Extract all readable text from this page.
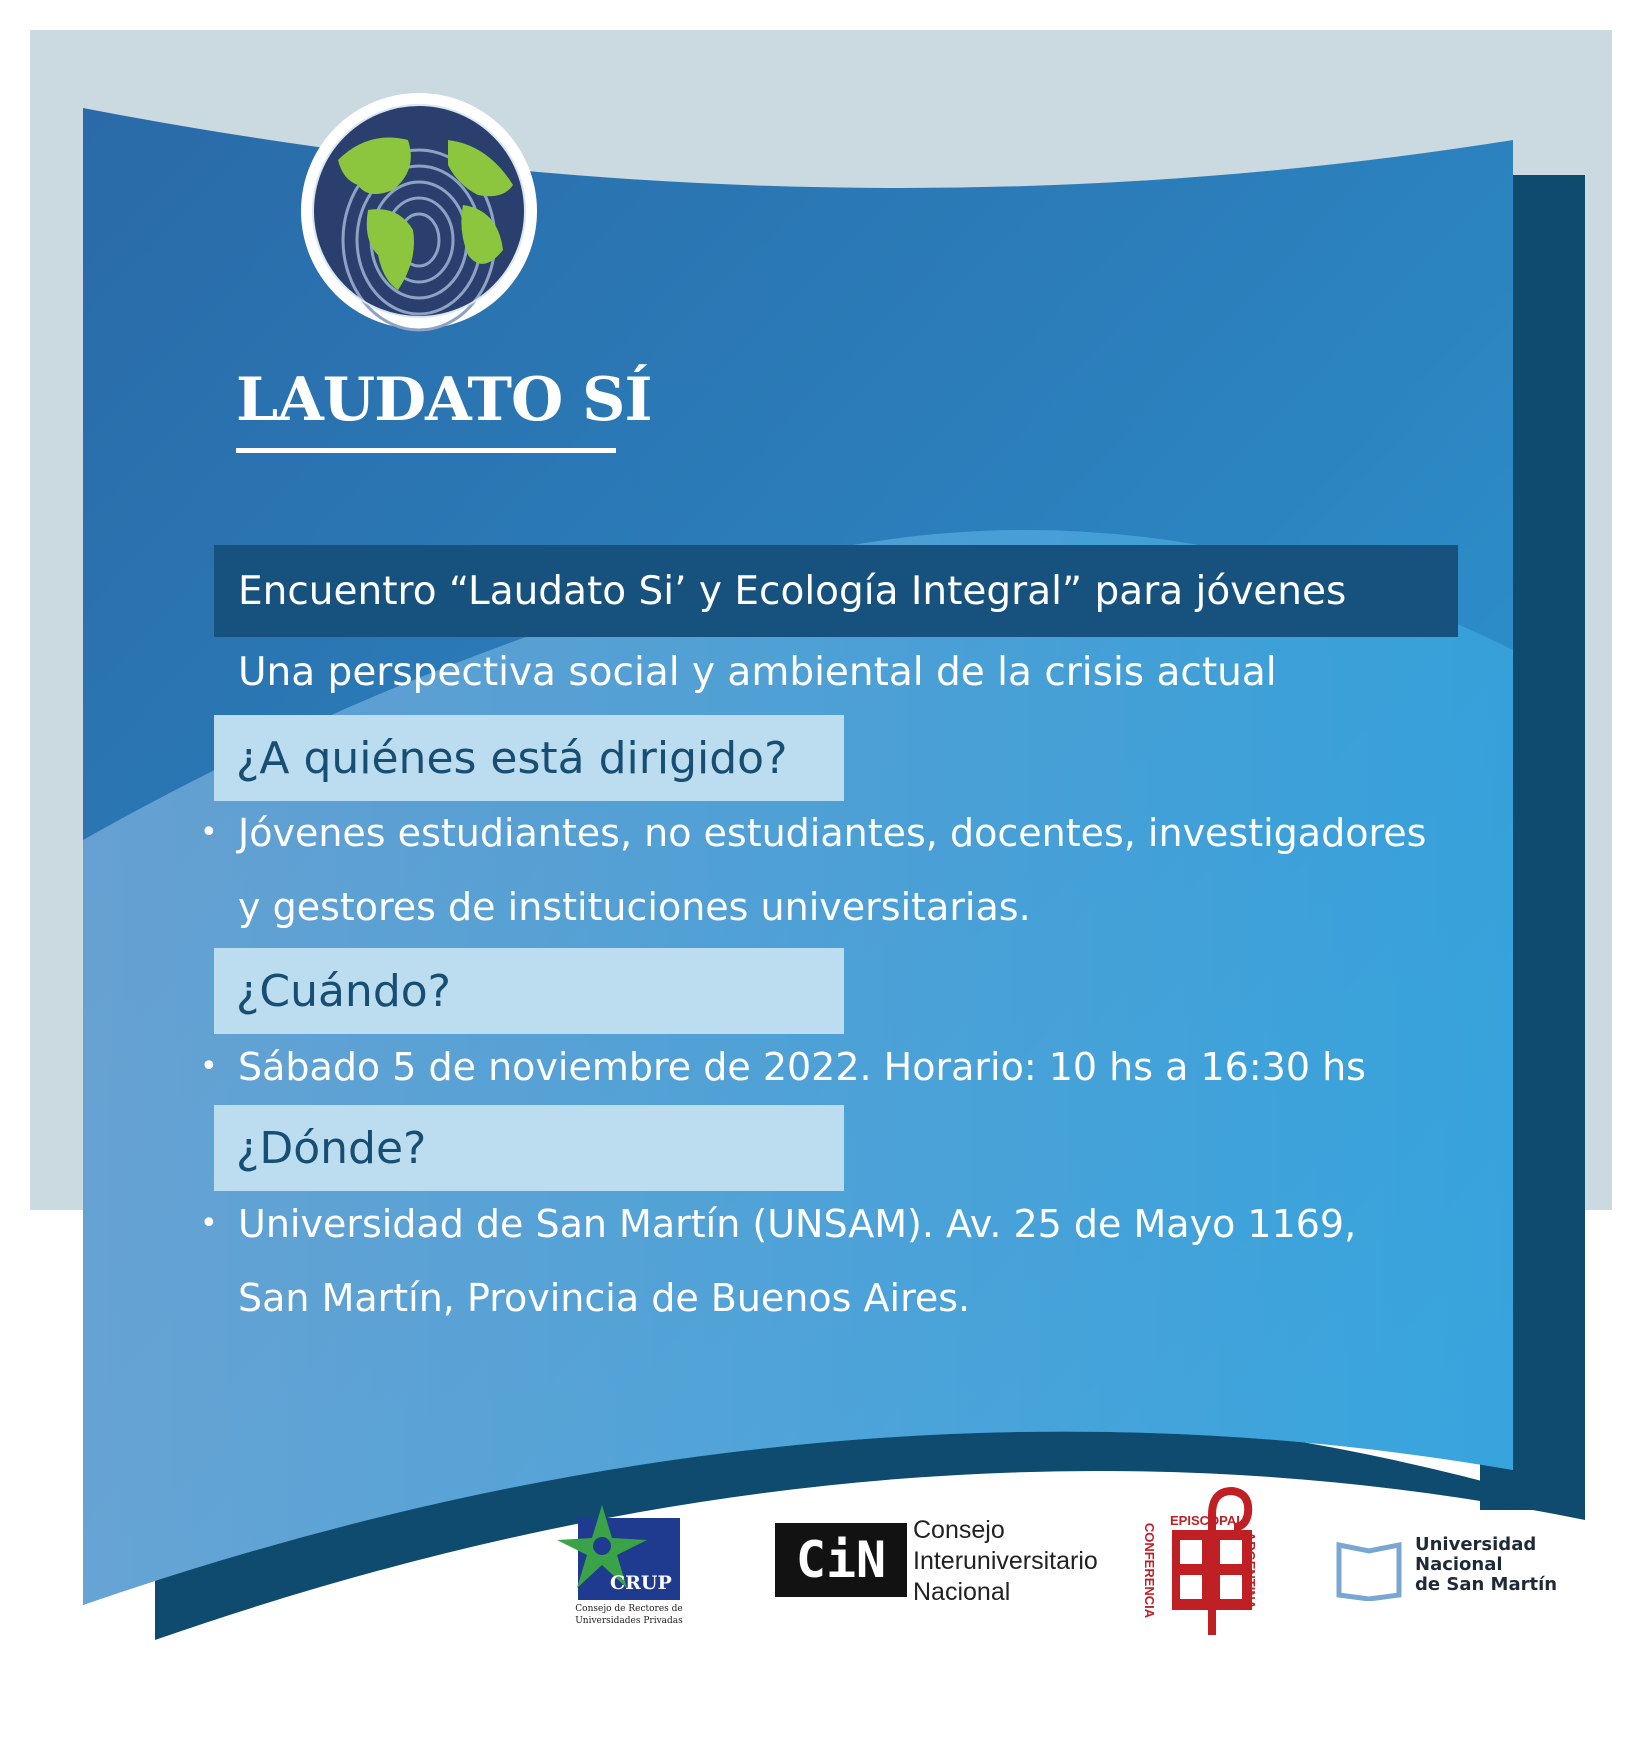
LAUDATO SÍ
Encuentro “Laudato Si’ y Ecología Integral” para jóvenes
Una perspectiva social y ambiental de la crisis actual
¿A quiénes está dirigido?
• Jóvenes estudiantes, no estudiantes, docentes, investigadores
y gestores de instituciones universitarias.
¿Cuándo?
• Sábado 5 de noviembre de 2022. Horario: 10 hs a 16:30 hs
¿Dónde?
• Universidad de San Martín (UNSAM). Av. 25 de Mayo 1169,
San Martín, Provincia de Buenos Aires.
CRUP
Consejo de Rectores de
Universidades Privadas
CiN
Consejo
Interuniversitario
Nacional	CONFERENCIA
EPISCOPAL
ARGENTINA	Universidad
Nacional
de San Martín
